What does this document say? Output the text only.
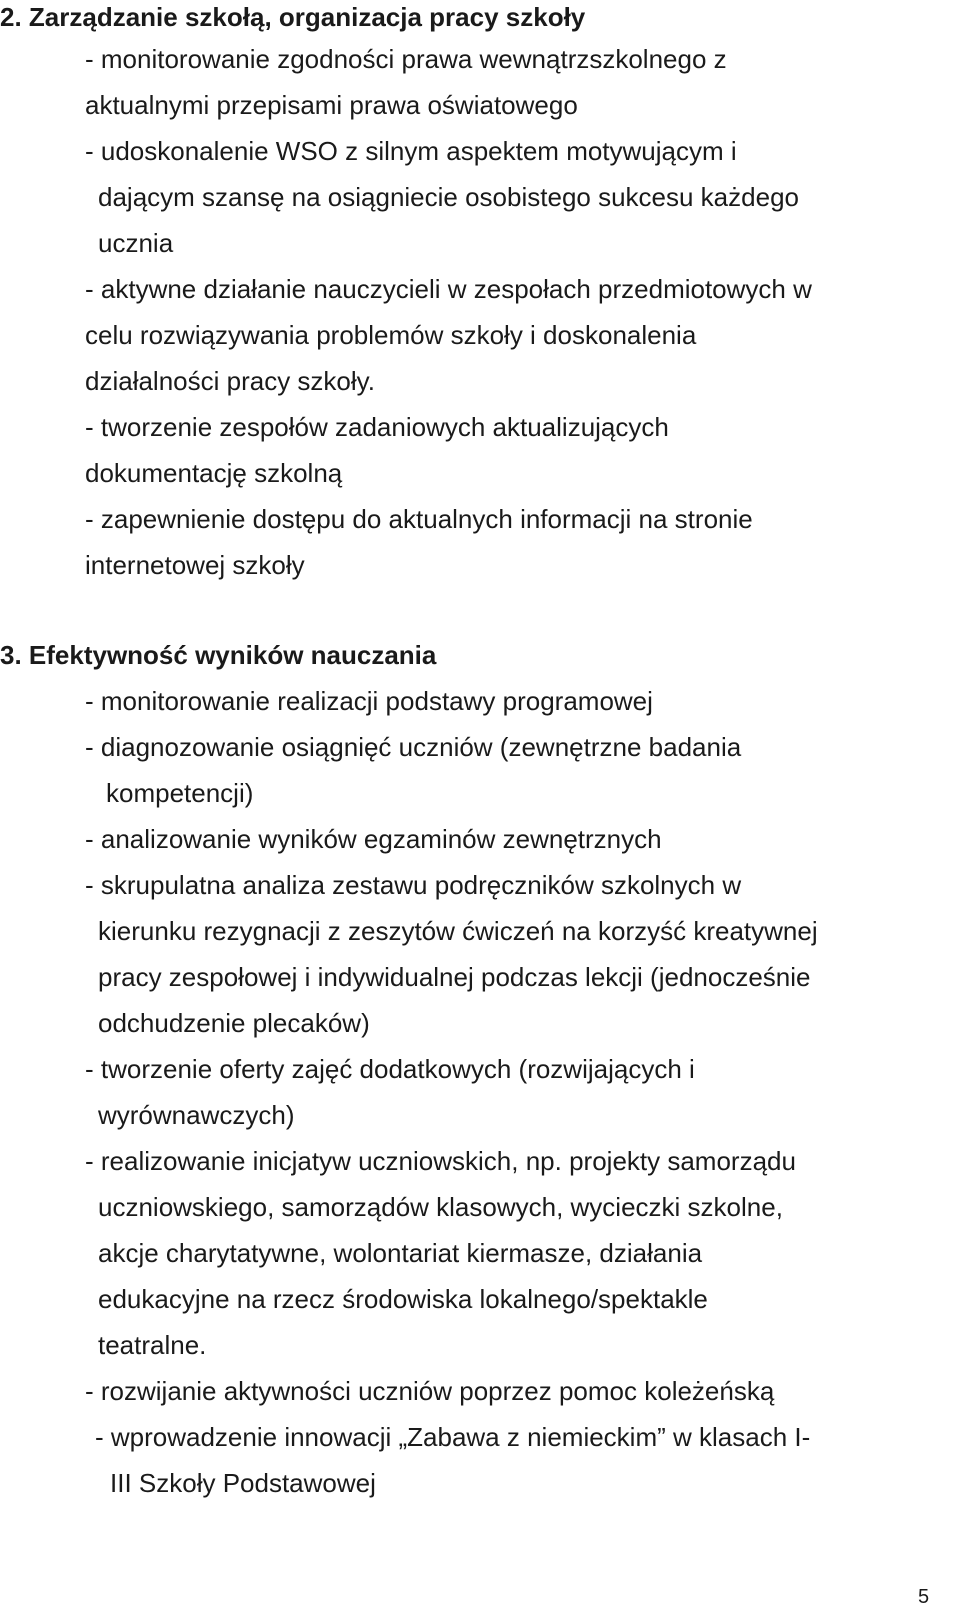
2. Zarządzanie szkołą, organizacja pracy szkoły

- monitorowanie zgodności prawa wewnątrzszkolnego z

aktualnymi przepisami prawa oświatowego

- udoskonalenie WSO z silnym aspektem motywującym i

dającym szansę na osiągniecie osobistego sukcesu każdego

ucznia

- aktywne działanie nauczycieli w zespołach przedmiotowych w

celu rozwiązywania problemów szkoły i doskonalenia

działalności pracy szkoły.

- tworzenie zespołów zadaniowych aktualizujących

dokumentację szkolną

- zapewnienie dostępu do aktualnych informacji na stronie

internetowej szkoły

3. Efektywność wyników nauczania

- monitorowanie realizacji podstawy programowej

- diagnozowanie osiągnięć uczniów (zewnętrzne badania

kompetencji)

- analizowanie wyników egzaminów zewnętrznych

- skrupulatna analiza zestawu podręczników szkolnych w

kierunku rezygnacji z zeszytów ćwiczeń na korzyść kreatywnej

pracy zespołowej i indywidualnej podczas lekcji (jednocześnie

odchudzenie plecaków)

- tworzenie oferty zajęć dodatkowych (rozwijających i

wyrównawczych)

- realizowanie inicjatyw uczniowskich, np. projekty samorządu

uczniowskiego, samorządów klasowych, wycieczki szkolne,

akcje charytatywne, wolontariat kiermasze, działania

edukacyjne na rzecz środowiska lokalnego/spektakle

teatralne.

- rozwijanie aktywności uczniów poprzez pomoc koleżeńską

- wprowadzenie innowacji „Zabawa z niemieckim” w klasach I-

III Szkoły Podstawowej

5
